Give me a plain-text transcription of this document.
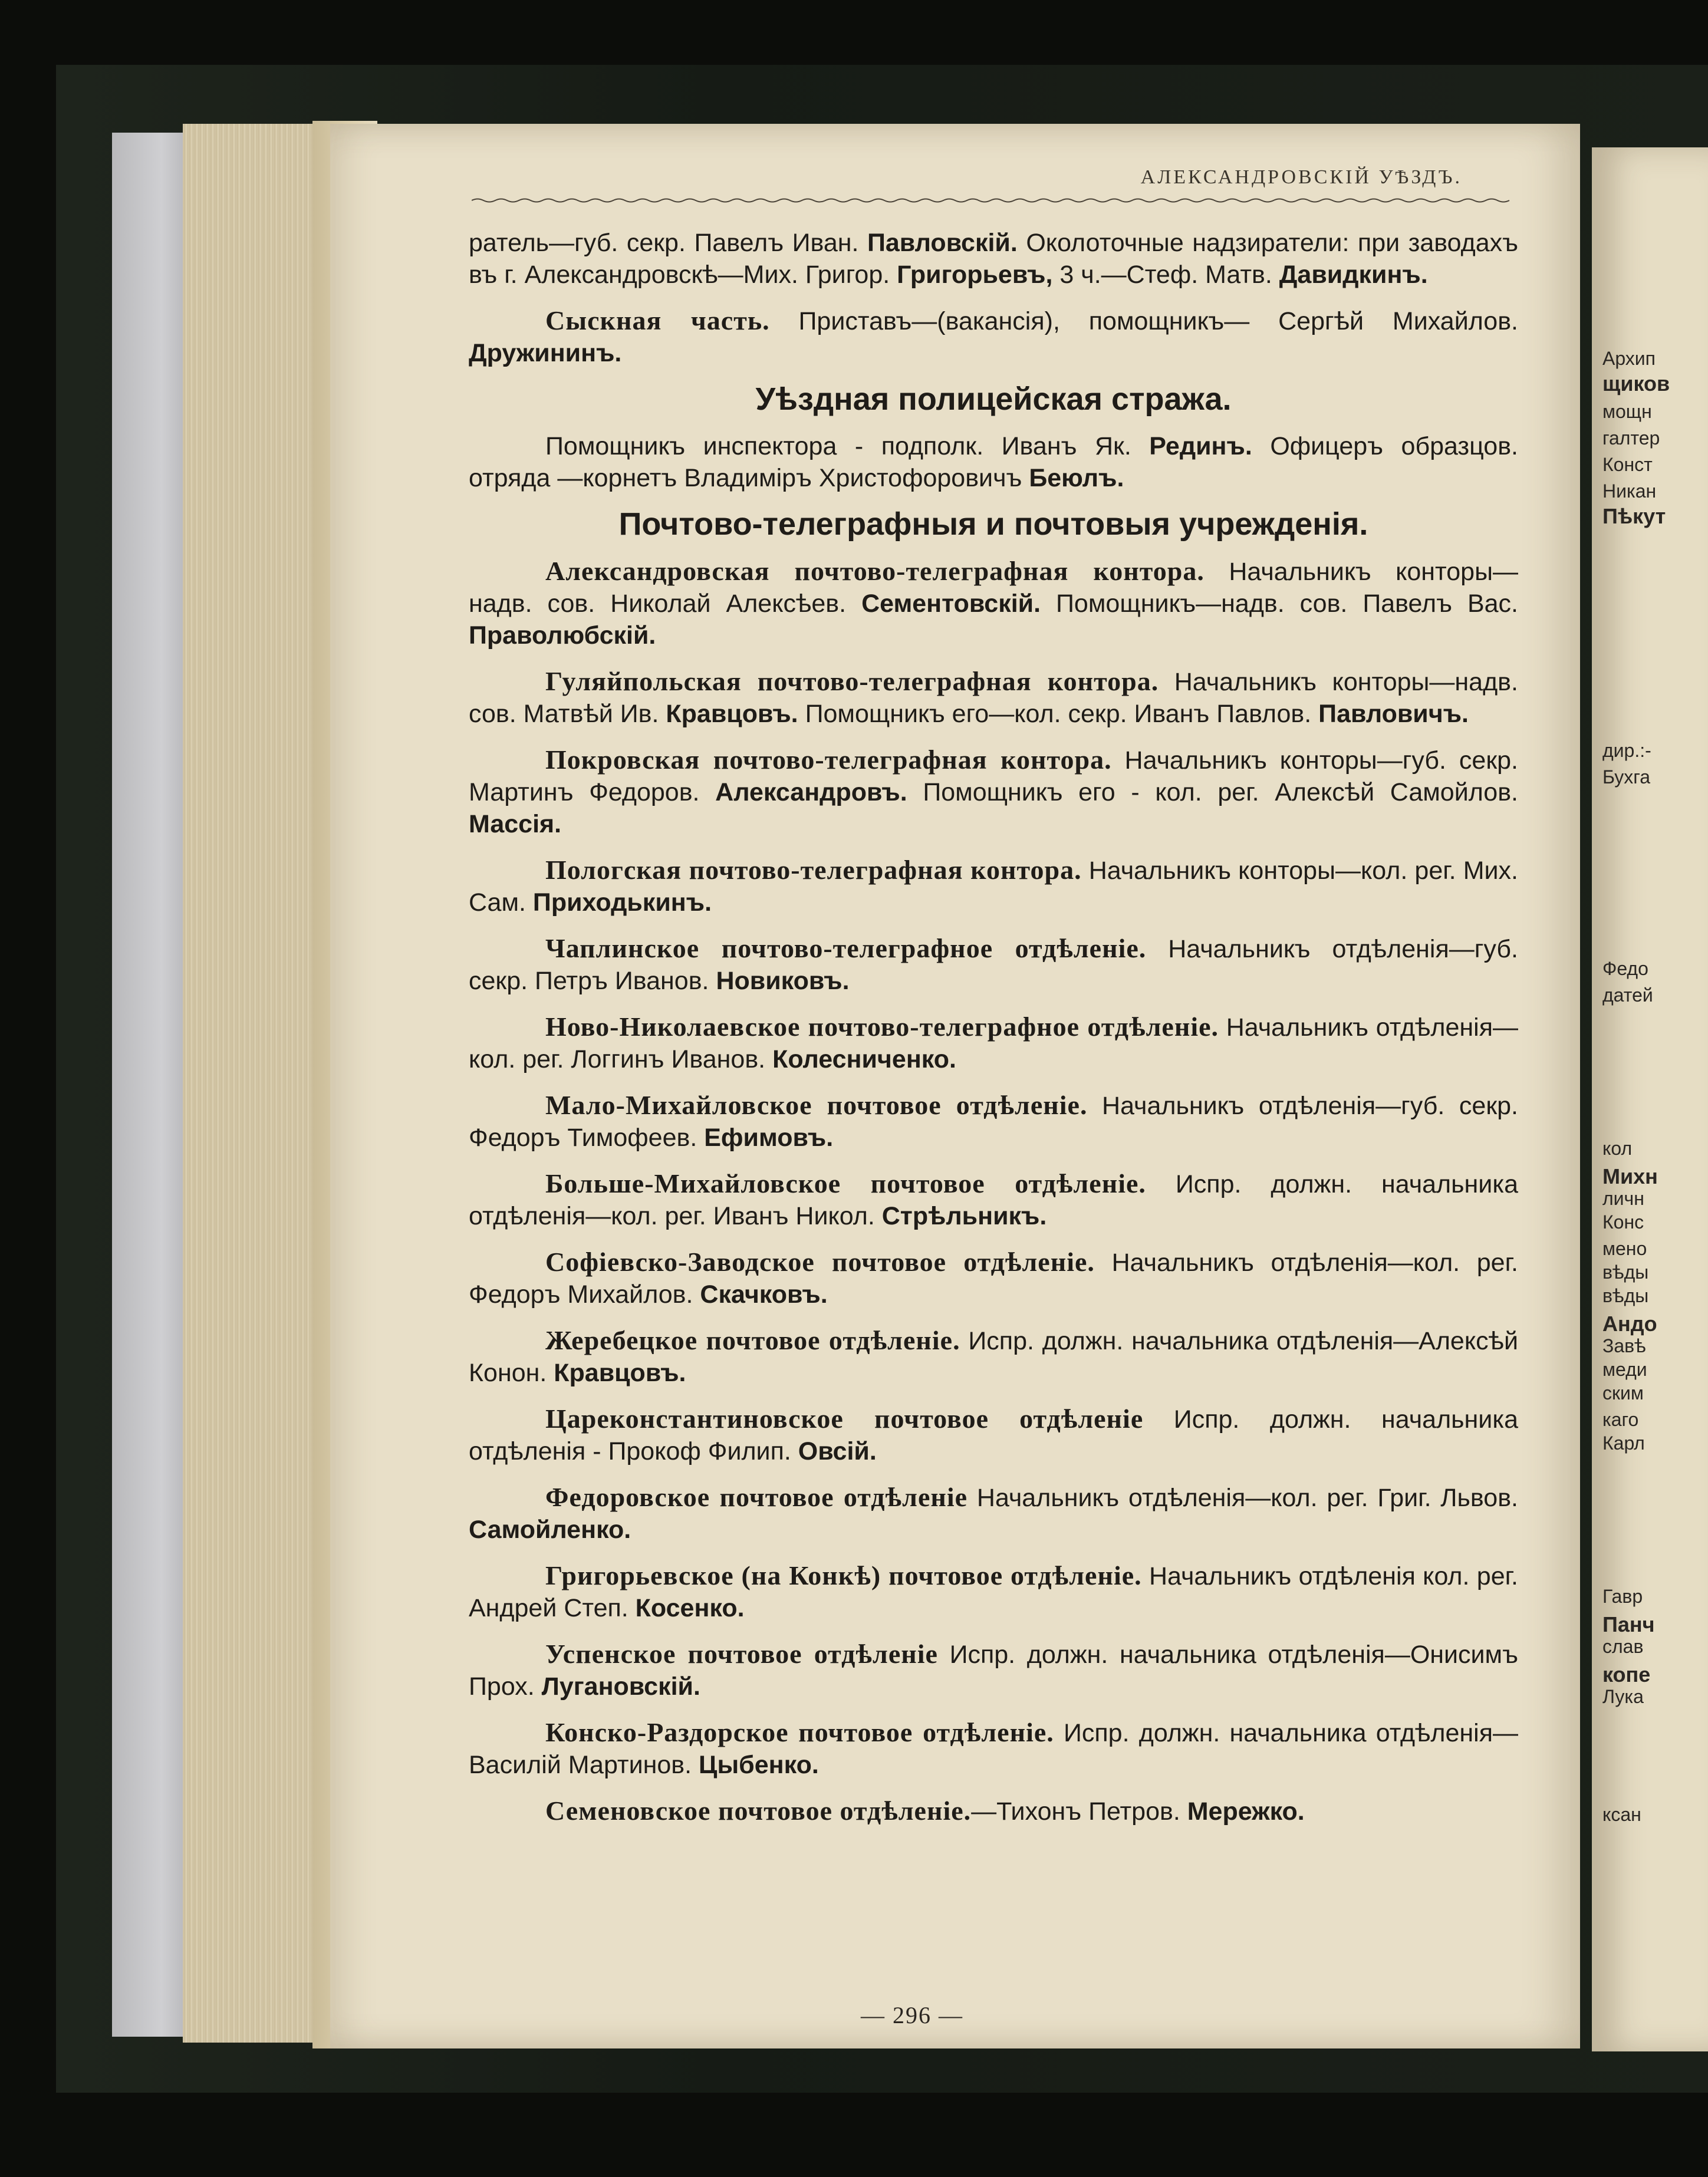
АЛЕКСАНДРОВСКІЙ УѢЗДЪ.

ратель—губ. секр. Павелъ Иван. Павловскій. Околоточные надзиратели: при заводахъ въ г. Александровскѣ—Мих. Григор. Григорьевъ, 3 ч.—Стеф. Матв. Давидкинъ.

Сыскная часть. Приставъ—(вакансія), помощникъ— Сергѣй Михайлов. Дружининъ.

Уѣздная полицейская стража.

Помощникъ инспектора - подполк. Иванъ Як. Рединъ. Офицеръ образцов. отряда —корнетъ Владиміръ Христофоровичъ Беюлъ.

Почтово-телеграфныя и почтовыя учрежденія.

Александровская почтово-телеграфная контора. Начальникъ конторы— надв. сов. Николай Алексѣев. Сементовскій. Помощникъ—надв. сов. Павелъ Вас. Праволюбскій.

Гуляйпольская почтово-телеграфная контора. Начальникъ конторы—надв. сов. Матвѣй Ив. Кравцовъ. Помощникъ его—кол. секр. Иванъ Павлов. Павловичъ.

Покровская почтово-телеграфная контора. Начальникъ конторы—губ. секр. Мартинъ Федоров. Александровъ. Помощникъ его - кол. рег. Алексѣй Самойлов. Массія.

Пологская почтово-телеграфная контора. Начальникъ конторы—кол. рег. Мих. Сам. Приходькинъ.

Чаплинское почтово-телеграфное отдѣленіе. Начальникъ отдѣленія—губ. секр. Петръ Иванов. Новиковъ.

Ново-Николаевское почтово-телеграфное отдѣленіе. Начальникъ отдѣленія—кол. рег. Логгинъ Иванов. Колесниченко.

Мало-Михайловское почтовое отдѣленіе. Начальникъ отдѣленія—губ. секр. Федоръ Тимофеев. Ефимовъ.

Больше-Михайловское почтовое отдѣленіе. Испр. должн. начальника отдѣленія—кол. рег. Иванъ Никол. Стрѣльникъ.

Софіевско-Заводское почтовое отдѣленіе. Начальникъ отдѣленія—кол. рег. Федоръ Михайлов. Скачковъ.

Жеребецкое почтовое отдѣленіе. Испр. должн. начальника отдѣленія—Алексѣй Конон. Кравцовъ.

Цареконстантиновское почтовое отдѣленіе Испр. должн. начальника отдѣленія - Прокоф Филип. Овсій.

Федоровское почтовое отдѣленіе Начальникъ отдѣленія—кол. рег. Григ. Львов. Самойленко.

Григорьевское (на Конкѣ) почтовое отдѣленіе. Начальникъ отдѣленія кол. рег. Андрей Степ. Косенко.

Успенское почтовое отдѣленіе Испр. должн. начальника отдѣленія—Онисимъ Прох. Лугановскій.

Конско-Раздорское почтовое отдѣленіе. Испр. должн. начальника отдѣленія—Василій Мартинов. Цыбенко.

Семеновское почтовое отдѣленіе.—Тихонъ Петров. Мережко.

— 296 —
Архип
щиков
мощн
галтер
Конст
Никан
Пѣкут
дир.:-
Бухга
Федо
датей
кол
Михн
личн
Конс
мено
вѣды
вѣды
Андо
Завѣ
меди
ским
каго
Карл
Гавр
Панч
слав
копе
Лука
ксан
